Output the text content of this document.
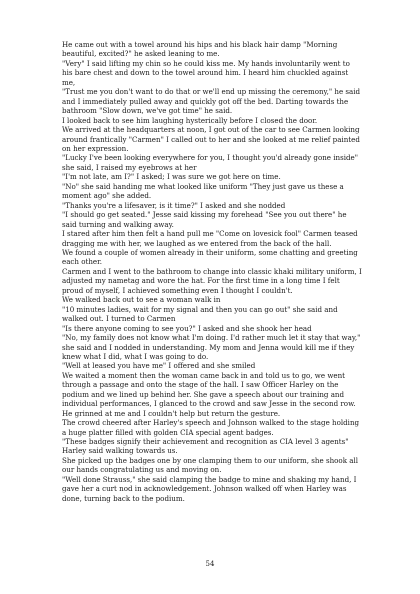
He came out with a towel around his hips and his black hair damp "Morning beautiful, excited?" he asked leaning to me.

"Very" I said lifting my chin so he could kiss me. My hands involuntarily went to his bare chest and down to the towel around him. I heard him chuckled against me,

"Trust me you don't want to do that or we'll end up missing the ceremony," he said and I immediately pulled away and quickly got off the bed. Darting towards the bathroom "Slow down, we've got time" he said.

I looked back to see him laughing hysterically before I closed the door.

We arrived at the headquarters at noon, I got out of the car to see Carmen looking around frantically "Carmen" I called out to her and she looked at me relief painted on her expression.

"Lucky I've been looking everywhere for you, I thought you'd already gone inside" she said, I raised my eyebrows at her

"I'm not late, am I?" I asked; I was sure we got here on time.

"No" she said handing me what looked like uniform "They just gave us these a moment ago" she added.

"Thanks you're a lifesaver, is it time?" I asked and she nodded

"I should go get seated." Jesse said kissing my forehead "See you out there" he said turning and walking away.

I stared after him then felt a hand pull me "Come on lovesick fool" Carmen teased dragging me with her, we laughed as we entered from the back of the hall.

We found a couple of women already in their uniform, some chatting and greeting each other.

Carmen and I went to the bathroom to change into classic khaki military uniform, I adjusted my nametag and wore the hat. For the first time in a long time I felt proud of myself, I achieved something even I thought I couldn't.

We walked back out to see a woman walk in

"10 minutes ladies, wait for my signal and then you can go out" she said and walked out. I turned to Carmen

"Is there anyone coming to see you?" I asked and she shook her head

"No, my family does not know what I'm doing. I'd rather much let it stay that way," she said and I nodded in understanding. My mom and Jenna would kill me if they knew what I did, what I was going to do.

"Well at leased you have me" I offered and she smiled

We waited a moment then the woman came back in and told us to go, we went through a passage and onto the stage of the hall. I saw Officer Harley on the podium and we lined up behind her. She gave a speech about our training and individual performances, I glanced to the crowd and saw Jesse in the second row. He grinned at me and I couldn't help but return the gesture.

The crowd cheered after Harley's speech and Johnson walked to the stage holding a huge platter filled with golden CIA special agent badges.

"These badges signify their achievement and recognition as CIA level 3 agents" Harley said walking towards us.

She picked up the badges one by one clamping them to our uniform, she shook all our hands congratulating us and moving on.

"Well done Strauss," she said clamping the badge to mine and shaking my hand, I gave her a curt nod in acknowledgement. Johnson walked off when Harley was done, turning back to the podium.

54
